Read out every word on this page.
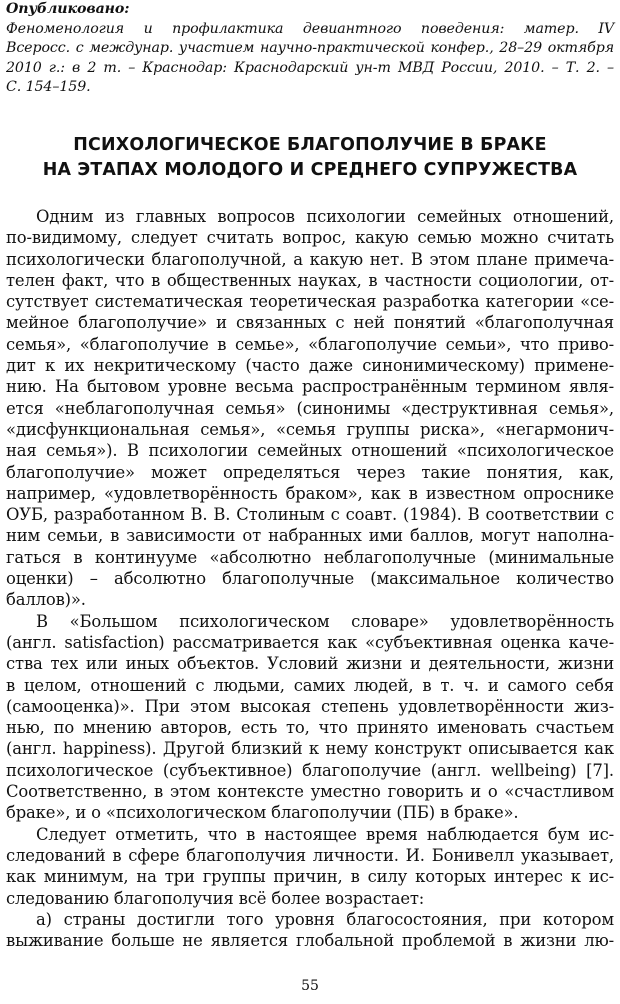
Опубликовано:
Феноменология и профилактика девиантного поведения: матер. IV
Всеросс. с междунар. участием научно-практической конфер., 28–29 октября
2010 г.: в 2 т. – Краснодар: Краснодарский ун-т МВД России, 2010. – Т. 2. –
С. 154–159.
ПСИХОЛОГИЧЕСКОЕ БЛАГОПОЛУЧИЕ В БРАКЕ
НА ЭТАПАХ МОЛОДОГО И СРЕДНЕГО СУПРУЖЕСТВА
Одним из главных вопросов психологии семейных отношений,
по-видимому, следует считать вопрос, какую семью можно считать
психологически благополучной, а какую нет. В этом плане примеча-
телен факт, что в общественных науках, в частности социологии, от-
сутствует систематическая теоретическая разработка категории «се-
мейное благополучие» и связанных с ней понятий «благополучная
семья», «благополучие в семье», «благополучие семьи», что приво-
дит к их некритическому (часто даже синонимическому) примене-
нию. На бытовом уровне весьма распространённым термином явля-
ется «неблагополучная семья» (синонимы «деструктивная семья»,
«дисфункциональная семья», «семья группы риска», «негармонич-
ная семья»). В психологии семейных отношений «психологическое
благополучие» может определяться через такие понятия, как,
например, «удовлетворённость браком», как в известном опроснике
ОУБ, разработанном В. В. Столиным с соавт. (1984). В соответствии с
ним семьи, в зависимости от набранных ими баллов, могут наполна-
гаться в континууме «абсолютно неблагополучные (минимальные
оценки) – абсолютно благополучные (максимальное количество
баллов)».
В «Большом психологическом словаре» удовлетворённость
(англ. satisfaction) рассматривается как «субъективная оценка каче-
ства тех или иных объектов. Условий жизни и деятельности, жизни
в целом, отношений с людьми, самих людей, в т. ч. и самого себя
(самооценка)». При этом высокая степень удовлетворённости жиз-
нью, по мнению авторов, есть то, что принято именовать счастьем
(англ. happiness). Другой близкий к нему конструкт описывается как
психологическое (субъективное) благополучие (англ. wellbeing) [7].
Соответственно, в этом контексте уместно говорить и о «счастливом
браке», и о «психологическом благополучии (ПБ) в браке».
Следует отметить, что в настоящее время наблюдается бум ис-
следований в сфере благополучия личности. И. Бонивелл указывает,
как минимум, на три группы причин, в силу которых интерес к ис-
следованию благополучия всё более возрастает:
а) страны достигли того уровня благосостояния, при котором
выживание больше не является глобальной проблемой в жизни лю-
55
